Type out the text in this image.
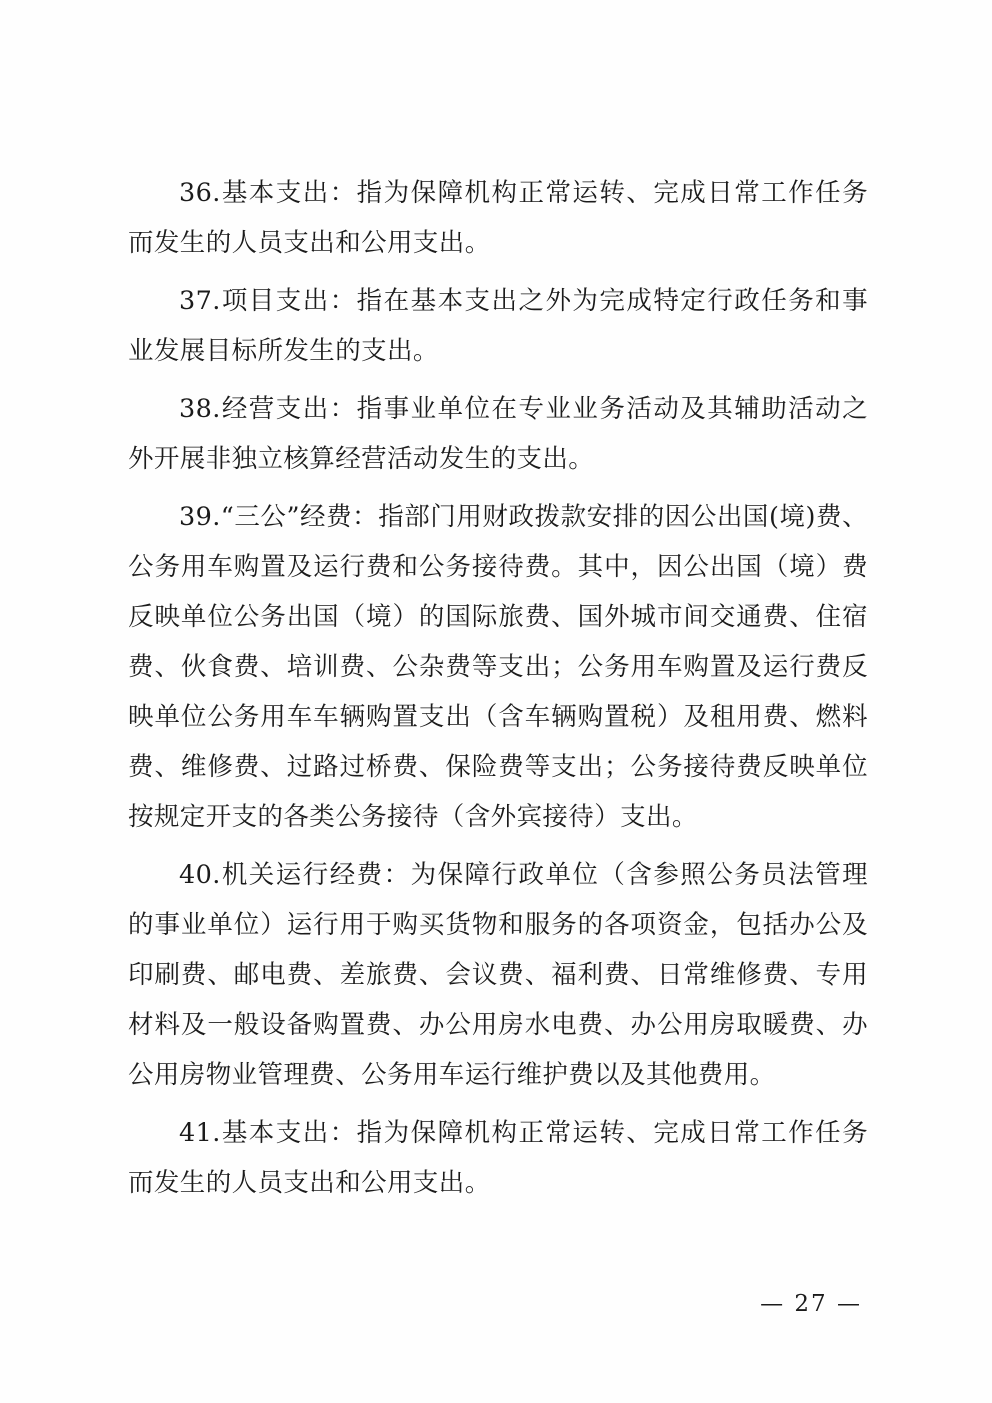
36.基本支出：指为保障机构正常运转、完成日常工作任务而发生的人员支出和公用支出。

37.项目支出：指在基本支出之外为完成特定行政任务和事业发展目标所发生的支出。

38.经营支出：指事业单位在专业业务活动及其辅助活动之外开展非独立核算经营活动发生的支出。

39.“三公”经费：指部门用财政拨款安排的因公出国(境)费、公务用车购置及运行费和公务接待费。其中，因公出国（境）费反映单位公务出国（境）的国际旅费、国外城市间交通费、住宿费、伙食费、培训费、公杂费等支出；公务用车购置及运行费反映单位公务用车车辆购置支出（含车辆购置税）及租用费、燃料费、维修费、过路过桥费、保险费等支出；公务接待费反映单位按规定开支的各类公务接待（含外宾接待）支出。

40.机关运行经费：为保障行政单位（含参照公务员法管理的事业单位）运行用于购买货物和服务的各项资金，包括办公及印刷费、邮电费、差旅费、会议费、福利费、日常维修费、专用材料及一般设备购置费、办公用房水电费、办公用房取暖费、办公用房物业管理费、公务用车运行维护费以及其他费用。

41.基本支出：指为保障机构正常运转、完成日常工作任务而发生的人员支出和公用支出。

— 27 —
